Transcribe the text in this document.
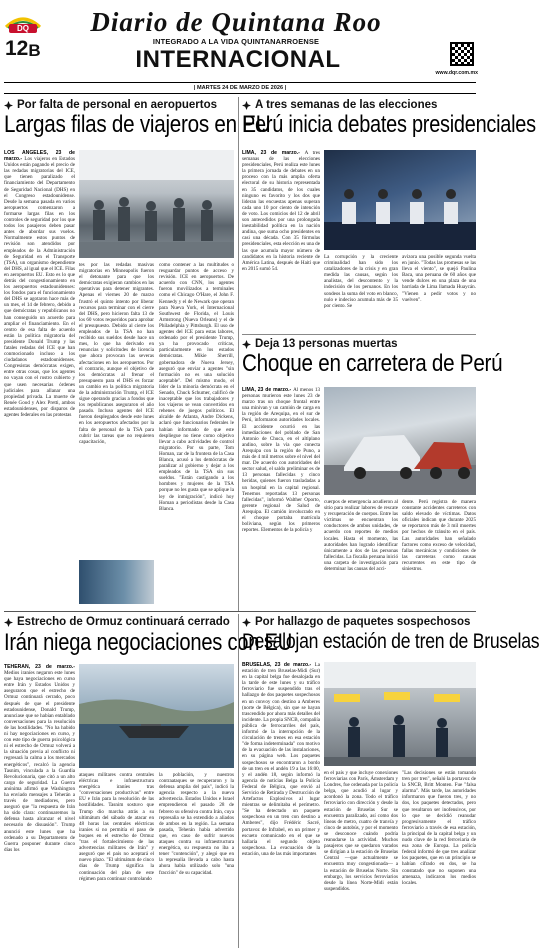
DQ
12 B
Diario de Quintana Roo
INTEGRADO A LA VIDA QUINTANARROENSE
INTERNACIONAL	www.dqr.com.mx
| MARTES 24 DE MARZO DE 2026 |
Por falta de personal en aeropuertos
Largas filas de viajeros en EU
LOS ANGELES, 23 de marzo.- Los viajeros en Estados Unidos están pagando el precio de las redadas migratorias del ICE, que tienen paralizado el financiamiento del Departamento de Seguridad Nacional (DHS) en el Congreso estadounidense. Desde la semana pasada en varios aeropuertos comenzaron a formarse largas filas en los controles de seguridad por los que todos los pasajeros deben pasar antes de abordar sus vuelos. Normalmente estos puntos de revisión son atendidos por empleados de la Administración de Seguridad en el Transporte (TSA), un organismo dependiente del DHS, al igual que el ICE. Filas en aeropuertos EU. Esto es lo que detrás del congestionamiento en los aeropuertos estadounidenses: los fondos para el funcionamiento del DHS se agotaron hace más de un mes, el 14 de febrero, debido a que demócratas y republicanos no han conseguido un acuerdo para ampliar el financiamiento. En el centro de esa falta de acuerdo están la política migratoria del presidente Donald Trump y las fatales redadas del ICE que han conmocionado incluso a los ciudadanos estadounidenses. Congresistas demócratas exigen, entre otras cosas, que los agentes no vayan con el rostro cubierto y que usen necesarias órdenes judiciales para allanar una propiedad privada. La muerte de Renée Good y Alex Pretti, ambos estadounidenses, por disparos de agentes federales en las protestas
tes por las redadas masivas migratorias en Minneapolis fueron el detonante para que los demócratas exigieran cambios en las operativas para detener migrantes. Apenas el viernes 20 de marzo frustró el quinto intento por liberar recursos para terminar con el cierre del DHS, pero hicieron falta 13 de los 60 votos requeridos para aprobar el presupuesto. Debido al cierre los empleados de la TSA no han recibido sus sueldos desde hace un mes, lo que ha derivado en renuncias y solicitudes de licencia que ahora provocan las severas afectaciones en los aeropuertos. Por el contrario, aunque el objetivo de los demócratas al frenar el presupuesto para el DHS es forzar un cambio en la política migratoria de la administración Trump, el ICE sigue operando gracias a fondos que los republicanos aseguraron el año pasado. Incluso agentes del ICE fueron desplegados desde este lunes en los aeropuertos afectados por la falta de personal de la TSA para cubrir las tareas que no requieren capacitación,
como contener a las multitudes o resguardar puntos de acceso y revisión. ICE en aeropuertos. De acuerdo con CNN, los agentes fueron movilizados a terminales como el Chicago O'Hare, el John F. Kennedy y el de Newark que operan para Nueva York, el Internacional Southwest de Florida, el Louis Armstrong (Nueva Orleans) y el de Philadelphia y Pittsburgh. El uso de agentes del ICE para estas labores, ordenado por el presidente Trump, ya ha provocado críticas, particularmente en los estados demócratas. Mikie Sherrill, gobernadora de Nueva Jersey, aseguró que enviar a agentes "sin formación no es una solución aceptable". Del mismo modo, el líder de la minoría demócrata en el Senado, Chuck Schumer, calificó de inaceptable que los trabajadores y los viajeros se vean convertidos en rehenes de juegos políticos. El alcalde de Atlanta, Andre Dickens, aclaró que funcionarios federales le habían informado de que este despliegue no tiene como objetivo llevar a cabo actividades de control migratorio. Por su parte, Tom Homan, zar de la frontera de la Casa Blanca, acusó a los demócratas de paralizar al gobierno y dejar a los empleados de la TSA sin sus sueldos. "Están castigando a los hombres y mujeres de la TSA porque no les gusta que se aplique la ley de inmigración", indicó hoy Homan a periodistas desde la Casa Blanca.
A tres semanas de las elecciones
Perú inicia debates presidenciales
LIMA, 23 de marzo.- A tres semanas de las elecciones presidenciales, Perú realiza este lunes la primera jornada de debates en un proceso con la más amplia oferta electoral de su historia representada en 35 candidatos, de los cuales ninguno es favorito y los dos que lideran las encuestas apenas superan cada uno 10 por ciento de intención de voto. Los comicios del 12 de abril son antecedidos por una prolongada inestabilidad política en la nación andina, que suma ocho presidentes en casi una década. Con 35 fórmulas presidenciales, esta elección es una de las que acumula mayor número de candidatos en la historia reciente de América Latina, después de Haití que en 2015 sumó 54.
La corrupción y la creciente criminalidad han sido los catalizadores de la crisis y en gran medida las causas, según los analistas, del descontento y la indecisión de los peruanos. En los sondeos la suma del voto en blanco, nulo e indeciso acumula más de 35 por ciento. Se
avizora una posible segunda vuelta en junio. "Todas las promesas se las lleva el viento", se quejó Paulina Baca, una peruana de 60 años que vende dulces en una plaza de una barriada de Lima llamada Huaycán. "Vienen a pedir votos y no vuelven".
Deja 13 personas muertas
Choque en carretera de Perú
LIMA, 23 de marzo.- Al menos 13 personas murieron este lunes 23 de marzo tras un choque frontal entre una minivan y un camión de carga en la región de Arequipa, en el sur de Perú, informaron autoridades locales. El accidente ocurrió en las inmediaciones del poblado de San Antonio de Chuca, en el altiplano andino, sobre la vía que conecta Arequipa con la región de Puno, a más de 4 mil metros sobre el nivel del mar. De acuerdo con autoridades del sector salud, el saldo preliminar es de 13 personas fallecidas y cinco heridas, quienes fueron trasladadas a un hospital en la capital regional. Tenemos reportadas 13 personas fallecidas", informó Walther Oporto, gerente regional de Salud de Arequipa. El camión involucrado en el choque portaba matrícula boliviana, según los primeros reportes. Elementos de la policía y
cuerpos de emergencia acudieron al sitio para realizar labores de rescate y recuperación de cuerpos. Entre las víctimas se encuentran los conductores de ambos unidades, de acuerdo con reportes de medios locales. Hasta el momento, las autoridades han logrado identificar únicamente a dos de las personas fallecidas. La fiscalía peruana inició una carpeta de investigación para determinar las causas del acci-
dente. Perú registra de manera constante accidentes carreteros con saldo elevado de víctimas. Datos oficiales indican que durante 2025 se reportaron más de 3 mil muertes por hechos de tránsito en el país. Las autoridades han señalado factores como exceso de velocidad, fallas mecánicas y condiciones de las carreteras como causas recurrentes en este tipo de siniestros.
Estrecho de Ormuz continuará cerrado
Irán niega negociaciones con EU
TEHERAN, 23 de marzo.- Medios iraníes negaron este lunes que haya negociaciones en curso entre Irán y Estados Unidos y aseguraron que el estrecho de Ormuz continuará cerrado, poco después de que el presidente estadounidense, Donald Trump, anunciase que se habían entablado conversaciones para la resolución de las hostilidades. "No ha habido ni hay negociaciones en curso, y con este tipo de guerra psicológica ni el estrecho de Ormuz volverá a la situación previa al conflicto ni regresará la calma a los mercados energéticos", recalcó la agencia Tasnim, vinculada a la Guardia Revolucionaria, que citó a un alto cargo de seguridad. La Guerra anónima afirmó que Washington ha enviado mensajes a Teherán a través de mediadores, pero aseguró que "la respuesta de Irán ha sido clara: continuaremos la defensa hasta alcanzar el nivel necesario de disuasión". Trump anunció este lunes que ha ordenado a su Departamento de Guerra posponer durante cinco días los
ataques militares contra centrales eléctricas e infraestructura energética iraníes tras "conversaciones productivas" entre EU e Irán para la resolución de las hostilidades. Tasnim sostuvo que Trump dio marcha atrás a su ultimátum del sábado de atacar en 48 horas las centrales eléctricas iraníes si no permitía el paso de buques en el estrecho de Ormuz "tras el fortalecimiento de las advertencias militares de Irán" y aseguró que el país no aceptará el nuevo plazo. "El ultimátum de cinco días de Trump significa la continuación del plan de este régimen para continuar controlando
la población, y nuestros contraataques se recuperaron y la defensa amplia del país", indicó la agencia respecto a la nueva advertencia. Estados Unidos e Israel emprendieron el pasado 28 de febrero su ofensiva contra Irán, cuya represalia se ha extendido a aliados de ambos en la región. La semana pasada, Teherán había advertido que, en caso de sufrir nuevos ataques contra su infraestructura energética, su respuesta no iba a tener "contención", y alegó que en la represalia llevada a cabo hasta ahora había utilizado solo "una fracción" de su capacidad.
Por hallazgo de paquetes sospechosos
Desalojan estación de tren de Bruselas
BRUSELAS, 23 de marzo.- La estación de tren Bruselas-Midi (Sur) en la capital belga fue desalojada en la tarde de este lunes y su tráfico ferroviario fue suspendido tras el hallazgo de dos paquetes sospechosos en un convoy con destino a Amberes (norte de Bélgica), sin que se hayan trascendido por ahora más detalles del incidente. La propia SNCB, compañía pública de ferrocarriles del país, informó de la interrupción de la circulación de trenes en esa estación "de forma indeterminada" con motivo de la evacuación de las instalaciones, en su página web. Los paquetes sospechosos se encontraron a bordo de un tren en el andén 19 a las 16:00, y el andén 18, según informó la agencia de noticias Belga la Policía Federal de Bélgica, que envió al Servicio de Retirada y Destrucción de Artefactos Explosivos al lugar mientras se delimitaba el perímetro. "Se ha detectado un paquete sospechoso en un tren con destino a Amberes", dijo Frédéric Sacré, portavoz de Infrabel, en un primer y escueto comunicado en el que se hallaría el segundo objeto sospechoso. La evacuación de la estación, una de las más importantes
en el país y que incluye conexiones ferroviarias con París, Ámsterdam y Londres, fue ordenada por la policía belga, que acudió al lugar y acordonó la zona. Todo el tráfico ferroviario con dirección y desde la estación de Bruselas Sur se encuentra paralizado, así como dos líneas de metro, cuatro de tranvía y cinco de autobús, y por el momento se desconoce cuándo podría reanudarse la actividad. Muchos pasajeros que se quedaron varados se dirigían a la estación de Bruselas Central —que actualmente se encuentra muy congestionada— a la estación de Bruselas Norte. Sin embargo, los servicios ferroviarios desde la línea Norte-Midi están suspendidos.
"Las decisiones se están tomando tren por tren", señaló la portavoz de la SNCB, Britt Monten. Fue "falsa alarma". Más tarde, las autoridades informaron que fueron tres, y no dos, los paquetes detectados, pero que resultaron ser inofensivos, por lo que se decidió reanudar progresivamente el tráfico ferroviario a través de esa estación, la principal de la capital belga y un nudo clave de la red ferroviaria de esa zona de Europa. La policía federal informó de que tres analizar los paquetes, que en un principio se habían cifrado en dos, se ha constatado que no suponen una amenaza, indicaron los medios locales.
